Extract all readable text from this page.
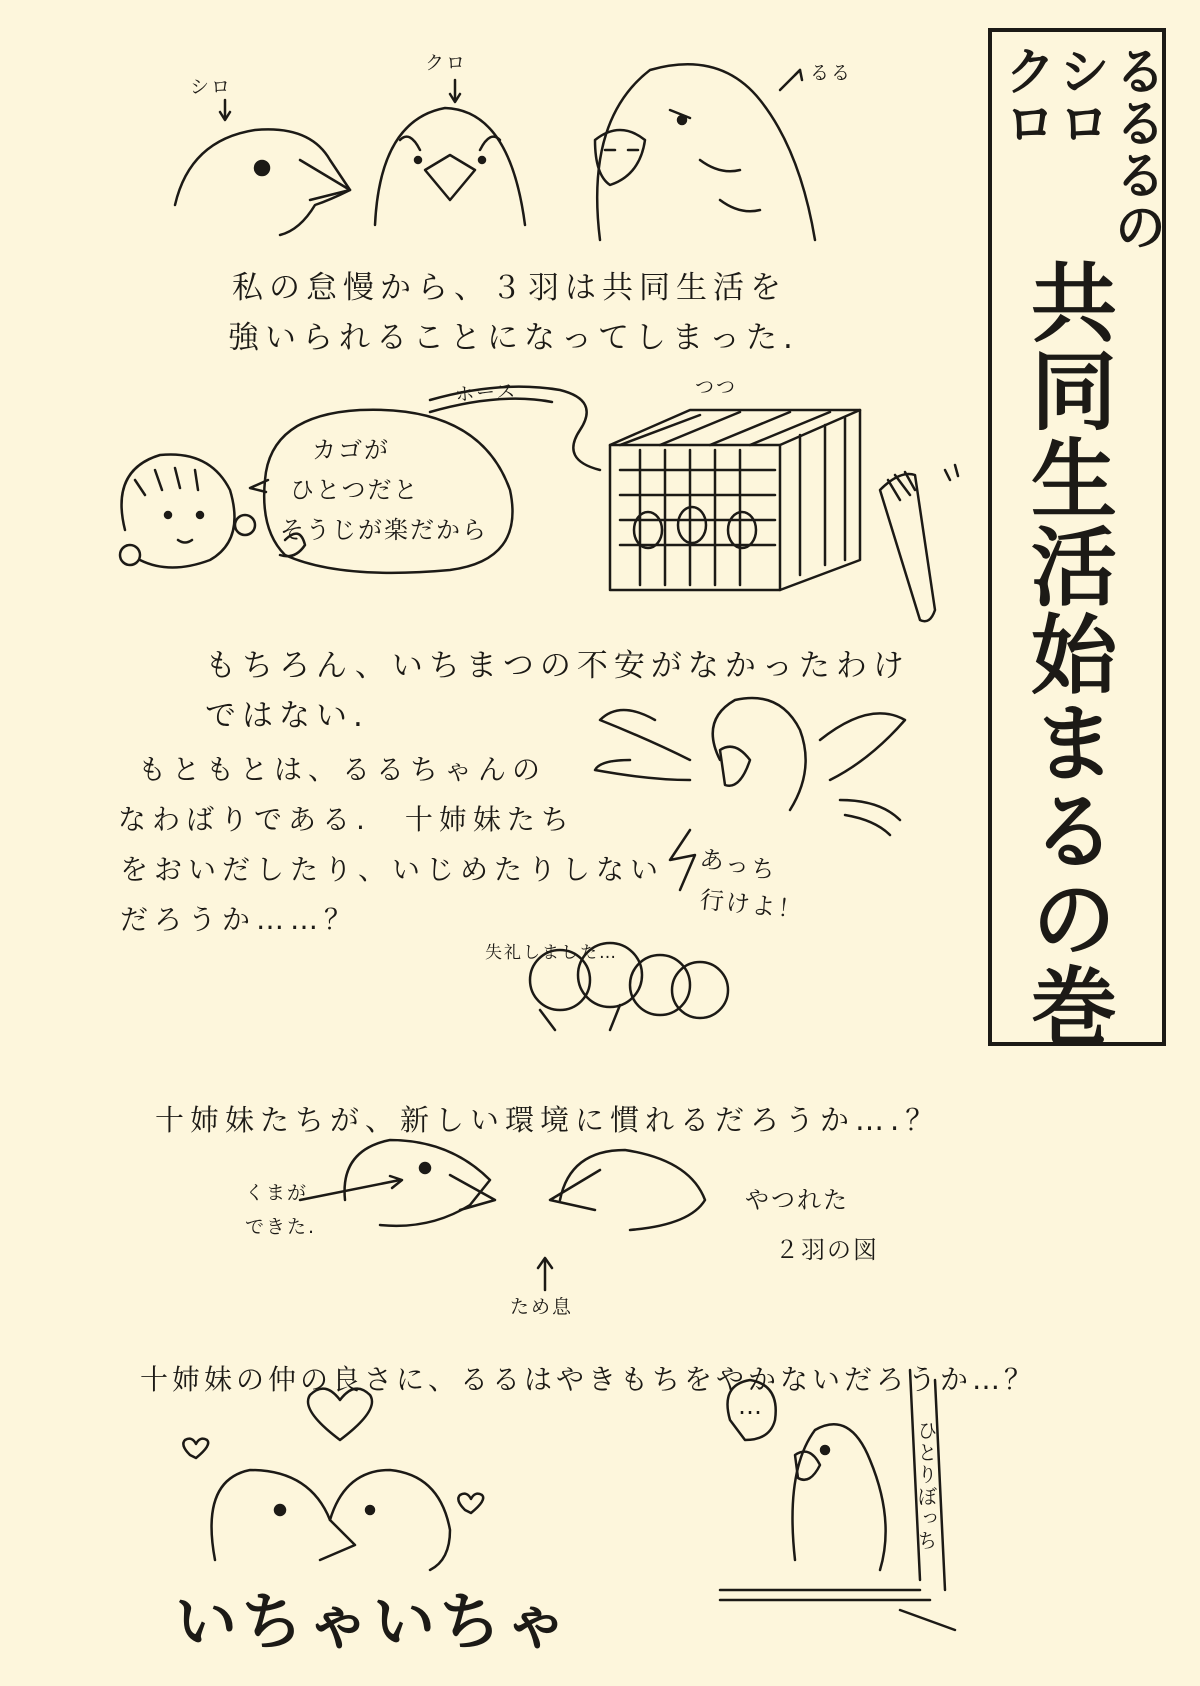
るるるの
シロ
クロ
共同生活始まるの巻
シロ
クロ	るる
私の怠慢から、３羽は共同生活を
強いられることになってしまった.
ホース	つつ
カゴが
ひとつだと
そうじが楽だから
もちろん、いちまつの不安がなかったわけ
ではない.
もともとは、るるちゃんの
なわばりである.　十姉妹たち
をおいだしたり、いじめたりしない
だろうか……？
あっち
行けよ！
失礼しました…
十姉妹たちが、新しい環境に慣れるだろうか….？
くまが
できた.
ため息
やつれた
２羽の図
十姉妹の仲の良さに、るるはやきもちをやかないだろうか…？
…
ひとりぼっち
いちゃいちゃ
